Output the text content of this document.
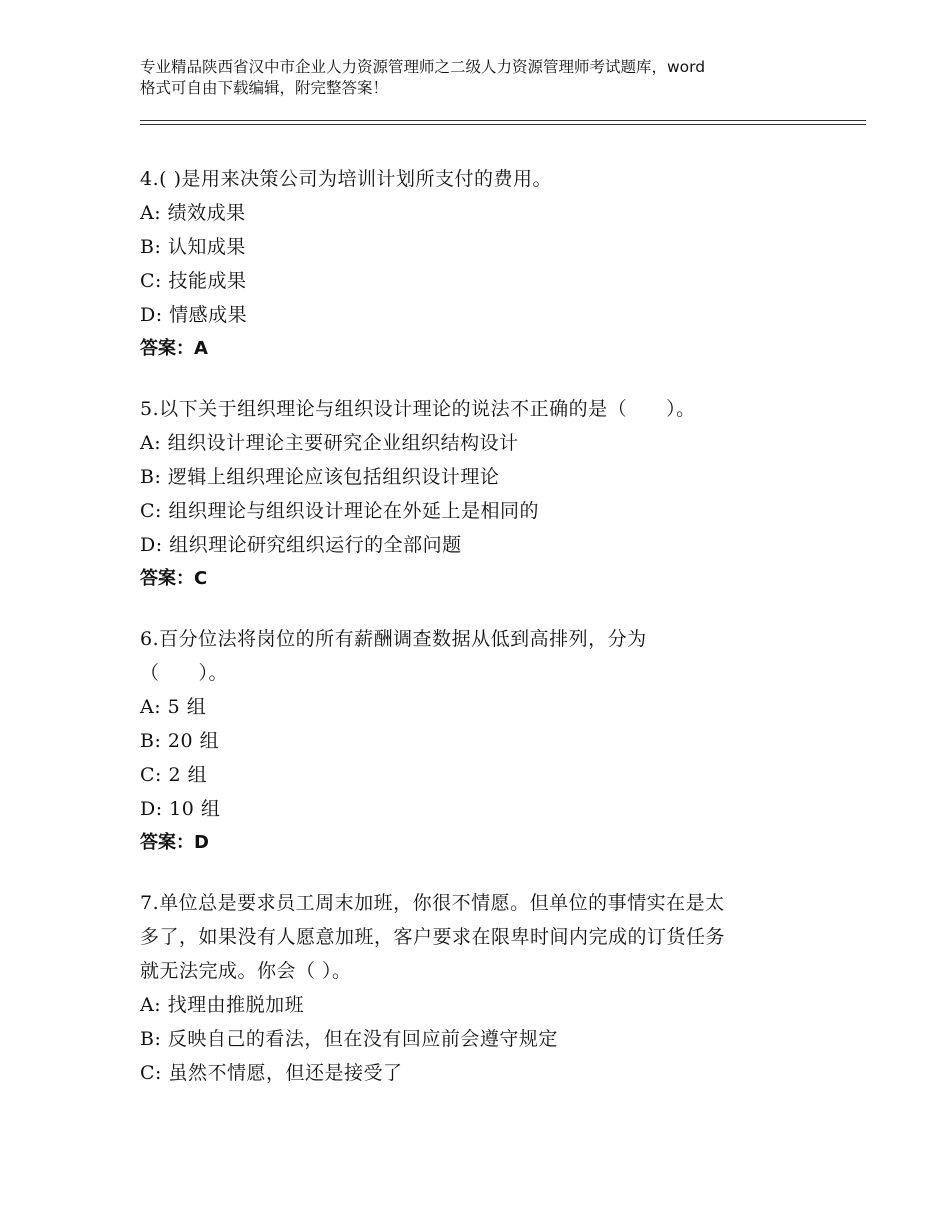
专业精品陕西省汉中市企业人力资源管理师之二级人力资源管理师考试题库，word
格式可自由下载编辑，附完整答案！

4.( )是用来决策公司为培训计划所支付的费用。

A: 绩效成果

B: 认知成果

C: 技能成果

D: 情感成果

答案：A

5.以下关于组织理论与组织设计理论的说法不正确的是（　　）。

A: 组织设计理论主要研究企业组织结构设计

B: 逻辑上组织理论应该包括组织设计理论

C: 组织理论与组织设计理论在外延上是相同的

D: 组织理论研究组织运行的全部问题

答案：C

6.百分位法将岗位的所有薪酬调查数据从低到高排列，分为

（　　）。

A: 5 组

B: 20 组

C: 2 组

D: 10 组

答案：D

7.单位总是要求员工周末加班，你很不情愿。但单位的事情实在是太

多了，如果没有人愿意加班，客户要求在限卑时间内完成的订货任务

就无法完成。你会（ ）。

A: 找理由推脱加班

B: 反映自己的看法，但在没有回应前会遵守规定

C: 虽然不情愿，但还是接受了
